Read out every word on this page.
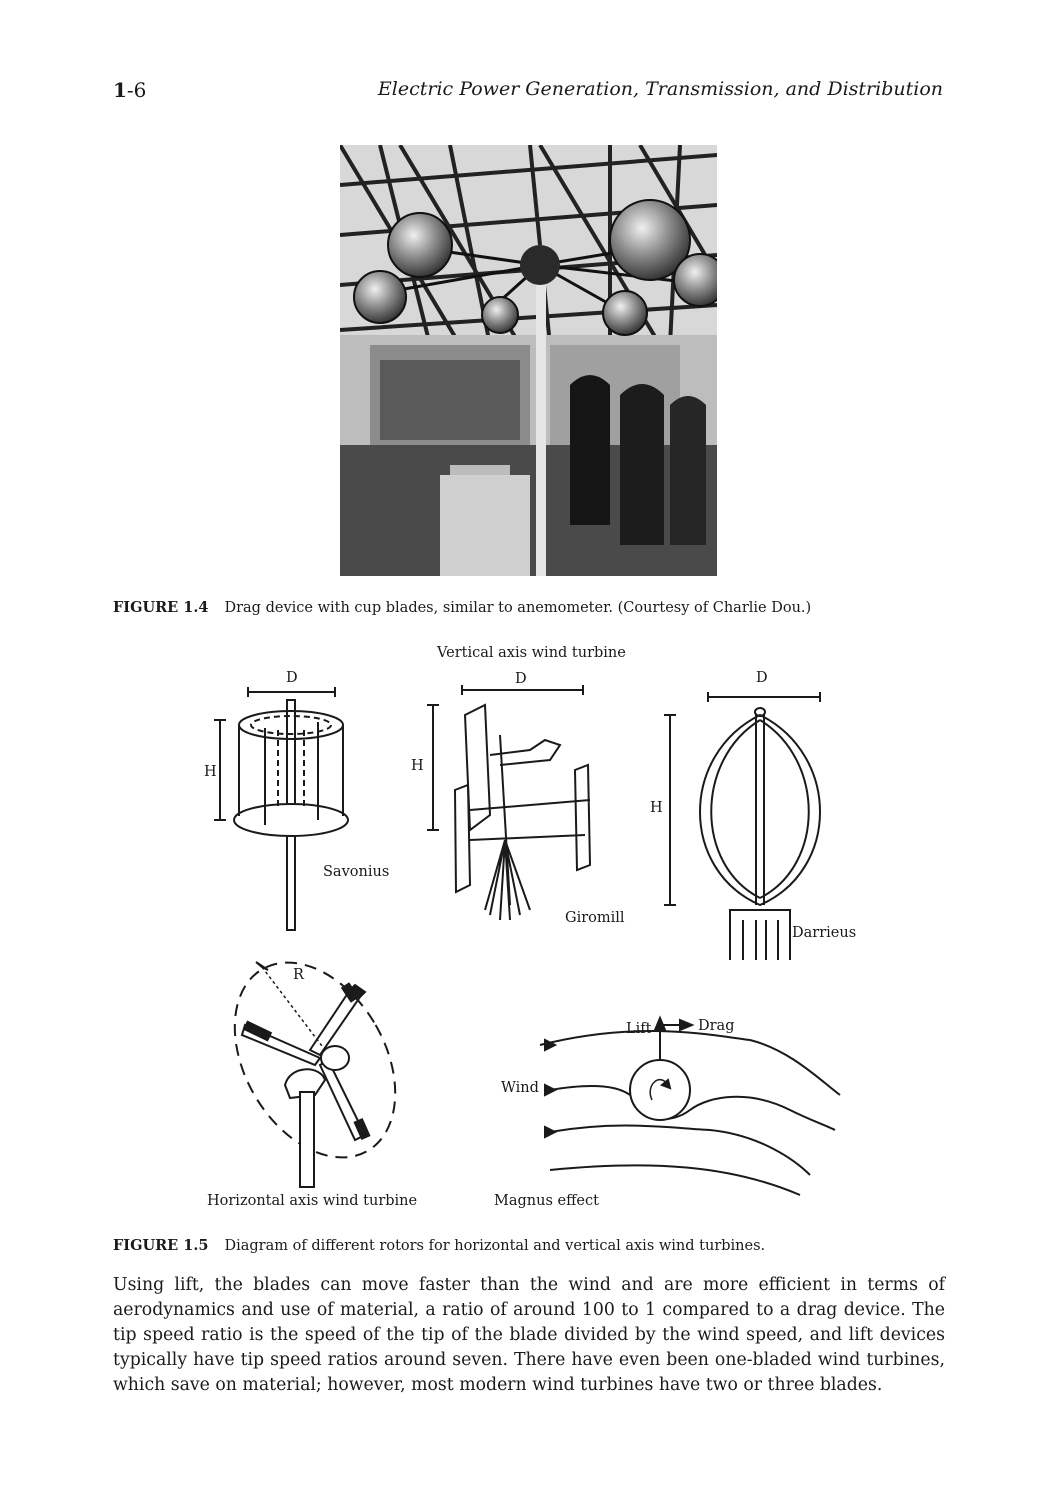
1-6	Electric Power Generation, Transmission, and Distribution
FIGURE 1.4 Drag device with cup blades, similar to anemometer. (Courtesy of Charlie Dou.)
Vertical axis wind turbine
D	D	D
H	H
H
Savonius
Giromill
Darrieus
R
Lift	Drag
Wind
Horizontal axis wind turbine	Magnus effect
FIGURE 1.5 Diagram of different rotors for horizontal and vertical axis wind turbines.

Using lift, the blades can move faster than the wind and are more efficient in terms of aerodynamics and use of material, a ratio of around 100 to 1 compared to a drag device. The tip speed ratio is the speed of the tip of the blade divided by the wind speed, and lift devices typically have tip speed ratios around seven. There have even been one-bladed wind turbines, which save on material; however, most modern wind turbines have two or three blades.
